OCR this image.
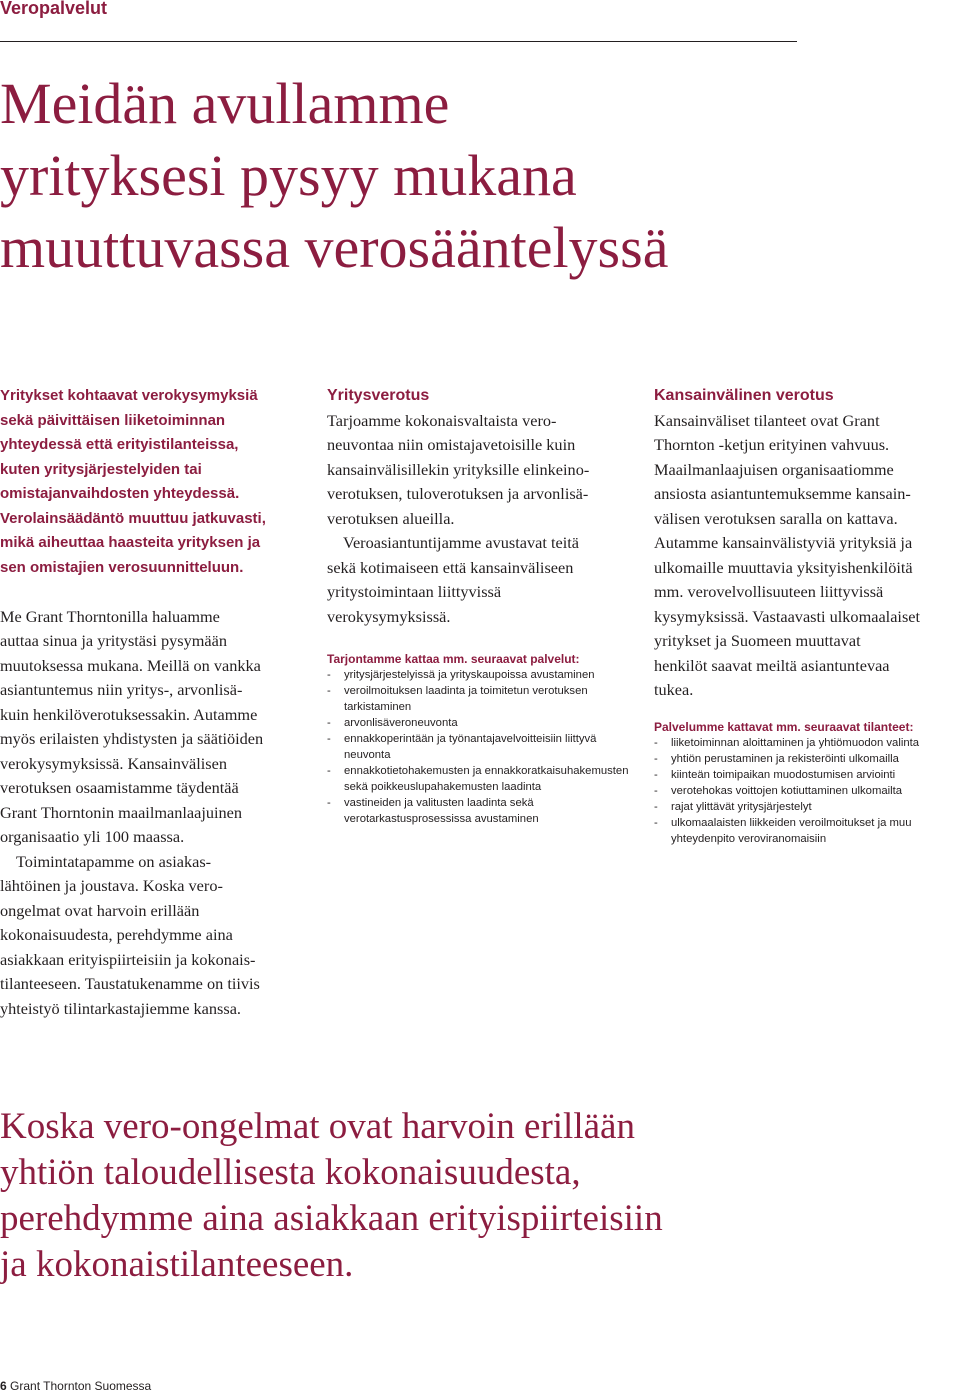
Veropalvelut
Meidän avullamme
yrityksesi pysyy mukana
muuttuvassa verosääntelyssä

Yritykset kohtaavat verokysymyksiä
sekä päivittäisen liiketoiminnan
yhteydessä että erityistilanteissa,
kuten yritysjärjestelyiden tai
omistajanvaihdosten yhteydessä.
Verolainsäädäntö muuttuu jatkuvasti,
mikä aiheuttaa haasteita yrityksen ja
sen omistajien verosuunnitteluun.

Me Grant Thorntonilla haluamme
auttaa sinua ja yritystäsi pysymään
muutoksessa mukana. Meillä on vankka
asiantuntemus niin yritys-, arvonlisä-
kuin henkilöverotuksessakin. Autamme
myös erilaisten yhdistysten ja säätiöiden
verokysymyksissä. Kansainvälisen
verotuksen osaamistamme täydentää
Grant Thorntonin maailmanlaajuinen
organisaatio yli 100 maassa.

Toimintatapamme on asiakas-
lähtöinen ja joustava. Koska vero-
ongelmat ovat harvoin erillään
kokonaisuudesta, perehdymme aina
asiakkaan erityispiirteisiin ja kokonais-
tilanteeseen. Taustatukenamme on tiivis
yhteistyö tilintarkastajiemme kanssa.

Yritysverotus

Tarjoamme kokonaisvaltaista vero-
neuvontaa niin omistajavetoisille kuin
kansainvälisillekin yrityksille elinkeino-
verotuksen, tuloverotuksen ja arvonlisä-
verotuksen alueilla.

Veroasiantuntijamme avustavat teitä
sekä kotimaiseen että kansainväliseen
yritystoimintaan liittyvissä
verokysymyksissä.

Tarjontamme kattaa mm. seuraavat palvelut:
- yritysjärjestelyissä ja yrityskaupoissa avustaminen
- veroilmoituksen laadinta ja toimitetun verotuksen
tarkistaminen
- arvonlisäveroneuvonta
- ennakkoperintään ja työnantajavelvoitteisiin liittyvä
neuvonta
- ennakkotietohakemusten ja ennakkoratkaisuhakemusten
sekä poikkeuslupahakemusten laadinta
- vastineiden ja valitusten laadinta sekä
verotarkastusprosessissa avustaminen
Kansainvälinen verotus

Kansainväliset tilanteet ovat Grant
Thornton -ketjun erityinen vahvuus.
Maailmanlaajuisen organisaatiomme
ansiosta asiantuntemuksemme kansain-
välisen verotuksen saralla on kattava.
Autamme kansainvälistyviä yrityksiä ja
ulkomaille muuttavia yksityishenkilöitä
mm. verovelvollisuuteen liittyvissä
kysymyksissä. Vastaavasti ulkomaalaiset
yritykset ja Suomeen muuttavat
henkilöt saavat meiltä asiantuntevaa
tukea.

Palvelumme kattavat mm. seuraavat tilanteet:
- liiketoiminnan aloittaminen ja yhtiömuodon valinta
- yhtiön perustaminen ja rekisteröinti ulkomailla
- kiinteän toimipaikan muodostumisen arviointi
- verotehokas voittojen kotiuttaminen ulkomailta
- rajat ylittävät yritysjärjestelyt
- ulkomaalaisten liikkeiden veroilmoitukset ja muu
yhteydenpito veroviranomaisiin
Koska vero-ongelmat ovat harvoin erillään
yhtiön taloudellisesta kokonaisuudesta,
perehdymme aina asiakkaan erityispiirteisiin
ja kokonaistilanteeseen.
6 Grant Thornton Suomessa
